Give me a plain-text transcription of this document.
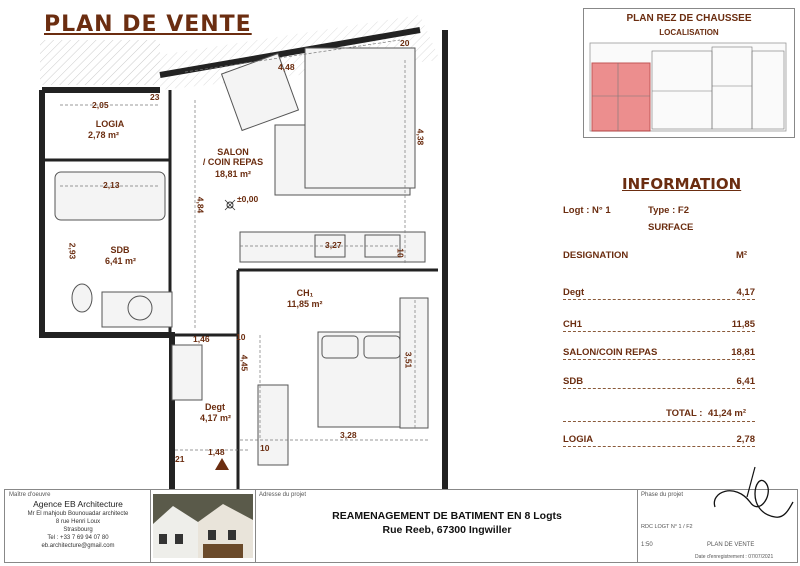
PLAN DE VENTE
LOGIA
2,78 m²
SALON
/ COIN REPAS
18,81 m²
SDB
6,41 m²
CH₁
11,85 m²
Degt
4,17 m²
±0,00
4,48
20
2,05
23
2,13
4,38
4,84
2,93	3,27
10
10
1,46
4,45	3,51
21
1,48	10
3,28
PLAN REZ DE CHAUSSEE
LOCALISATION
INFORMATION
Logt : N° 1	Type : F2
SURFACE
DESIGNATION	M²
Degt	4,17
CH1	11,85
SALON/COIN REPAS	18,81
SDB	6,41
TOTAL : 41,24 m²
LOGIA	2,78
Maître d'oeuvre
Agence EB Architecture
Mr El mahjoub Bounouadar architecte
8 rue Henri Loux
Strasbourg
Tel : +33 7 69 94 07 80
eb.architecture@gmail.com
Adresse du projet
REAMENAGEMENT DE BATIMENT EN 8 Logts
Rue Reeb, 67300 Ingwiller
Phase du projet
RDC LOGT N° 1 / F2
1:50	PLAN DE VENTE
Date d'enregistrement : 07/07/2021
